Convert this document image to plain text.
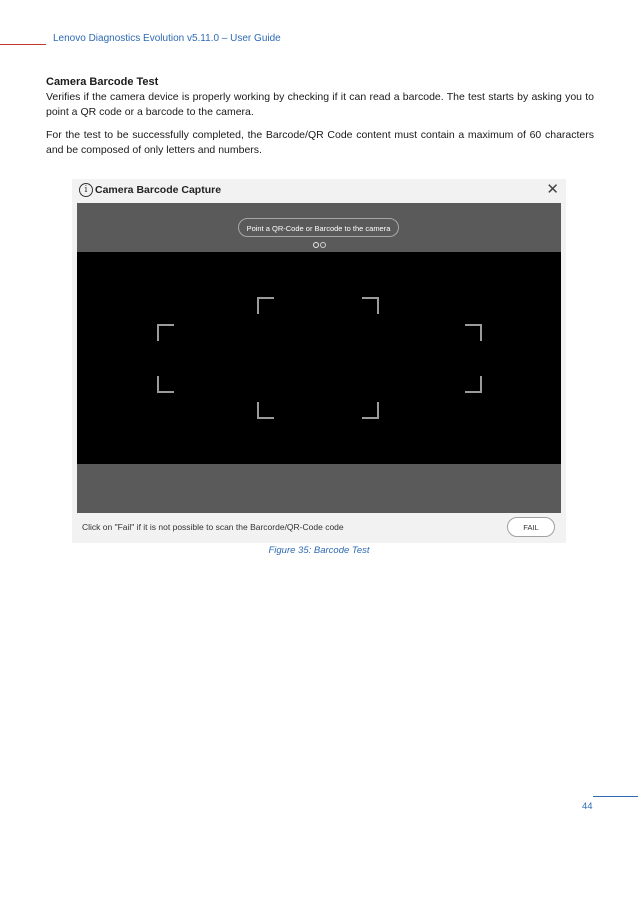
Lenovo Diagnostics Evolution v5.11.0 – User Guide
Camera Barcode Test
Verifies if the camera device is properly working by checking if it can read a barcode. The test starts by asking you to point a QR code or a barcode to the camera.
For the test to be successfully completed, the Barcode/QR Code content must contain a maximum of 60 characters and be composed of only letters and numbers.
i Camera Barcode Capture	✕
Point a QR-Code or Barcode to the camera
Click on "Fail" if it is not possible to scan the Barcorde/QR-Code code	FAIL
Figure 35: Barcode Test
44
